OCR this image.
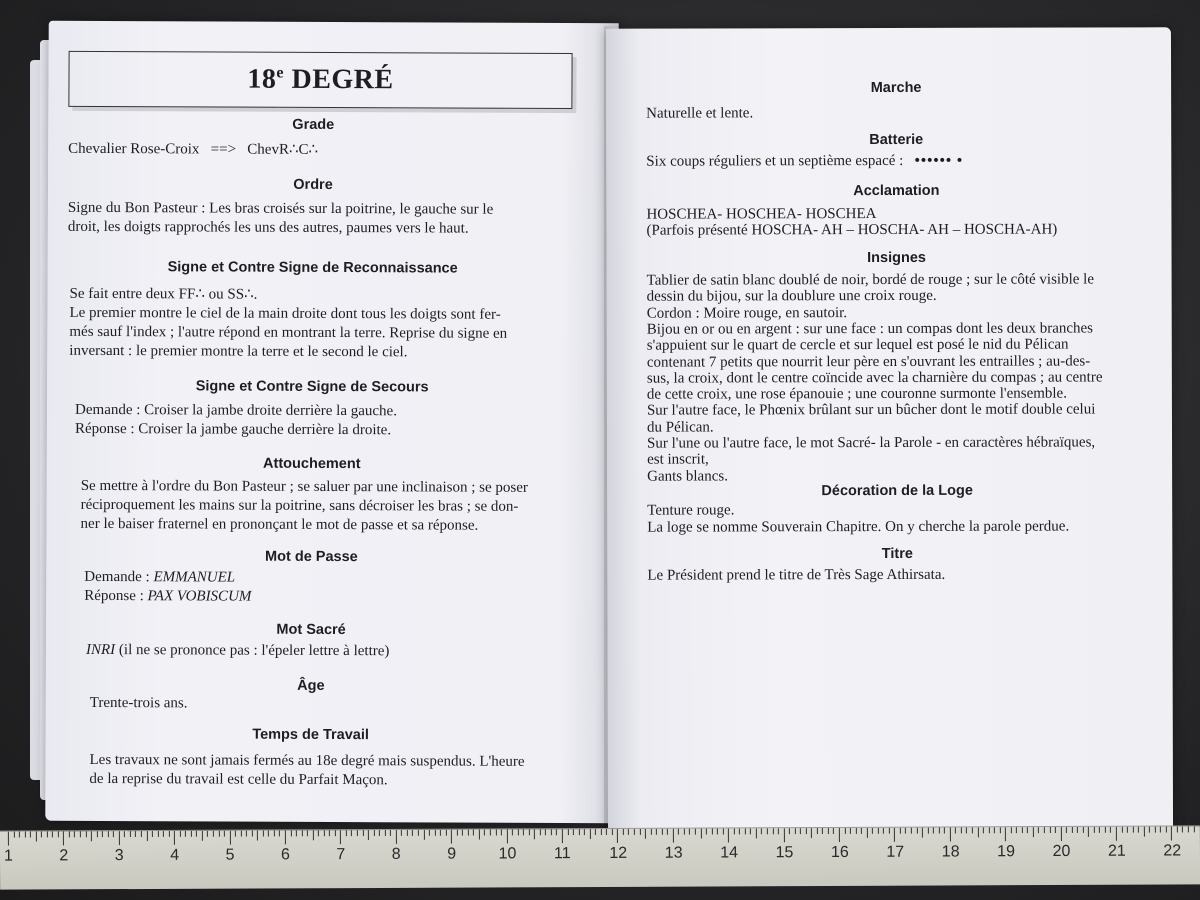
18e DEGRÉ
Grade
Chevalier Rose-Croix ==> ChevR∴C∴
Ordre
Signe du Bon Pasteur : Les bras croisés sur la poitrine, le gauche sur le
droit, les doigts rapprochés les uns des autres, paumes vers le haut.
Signe et Contre Signe de Reconnaissance
Se fait entre deux FF∴ ou SS∴.
Le premier montre le ciel de la main droite dont tous les doigts sont fer-
més sauf l'index ; l'autre répond en montrant la terre. Reprise du signe en
inversant : le premier montre la terre et le second le ciel.
Signe et Contre Signe de Secours
Demande : Croiser la jambe droite derrière la gauche.
Réponse : Croiser la jambe gauche derrière la droite.
Attouchement
Se mettre à l'ordre du Bon Pasteur ; se saluer par une inclinaison ; se poser
réciproquement les mains sur la poitrine, sans décroiser les bras ; se don-
ner le baiser fraternel en prononçant le mot de passe et sa réponse.
Mot de Passe
Demande : EMMANUEL
Réponse : PAX VOBISCUM
Mot Sacré
INRI (il ne se prononce pas : l'épeler lettre à lettre)
Âge
Trente-trois ans.
Temps de Travail
Les travaux ne sont jamais fermés au 18e degré mais suspendus. L'heure
de la reprise du travail est celle du Parfait Maçon.
Marche
Naturelle et lente.
Batterie
Six coups réguliers et un septième espacé : •••••• •
Acclamation
HOSCHEA- HOSCHEA- HOSCHEA
(Parfois présenté HOSCHA- AH – HOSCHA- AH – HOSCHA-AH)
Insignes
Tablier de satin blanc doublé de noir, bordé de rouge ; sur le côté visible le
dessin du bijou, sur la doublure une croix rouge.
Cordon : Moire rouge, en sautoir.
Bijou en or ou en argent : sur une face : un compas dont les deux branches
s'appuient sur le quart de cercle et sur lequel est posé le nid du Pélican
contenant 7 petits que nourrit leur père en s'ouvrant les entrailles ; au-des-
sus, la croix, dont le centre coïncide avec la charnière du compas ; au centre
de cette croix, une rose épanouie ; une couronne surmonte l'ensemble.
Sur l'autre face, le Phœnix brûlant sur un bûcher dont le motif double celui
du Pélican.
Sur l'une ou l'autre face, le mot Sacré- la Parole - en caractères hébraïques,
est inscrit,
Gants blancs.
Décoration de la Loge
Tenture rouge.
La loge se nomme Souverain Chapitre. On y cherche la parole perdue.
Titre
Le Président prend le titre de Très Sage Athirsata.
1	2	3	4	5	6	7	8	9	10 11 12 13 14 15 16 17 18 19 20 21 22
